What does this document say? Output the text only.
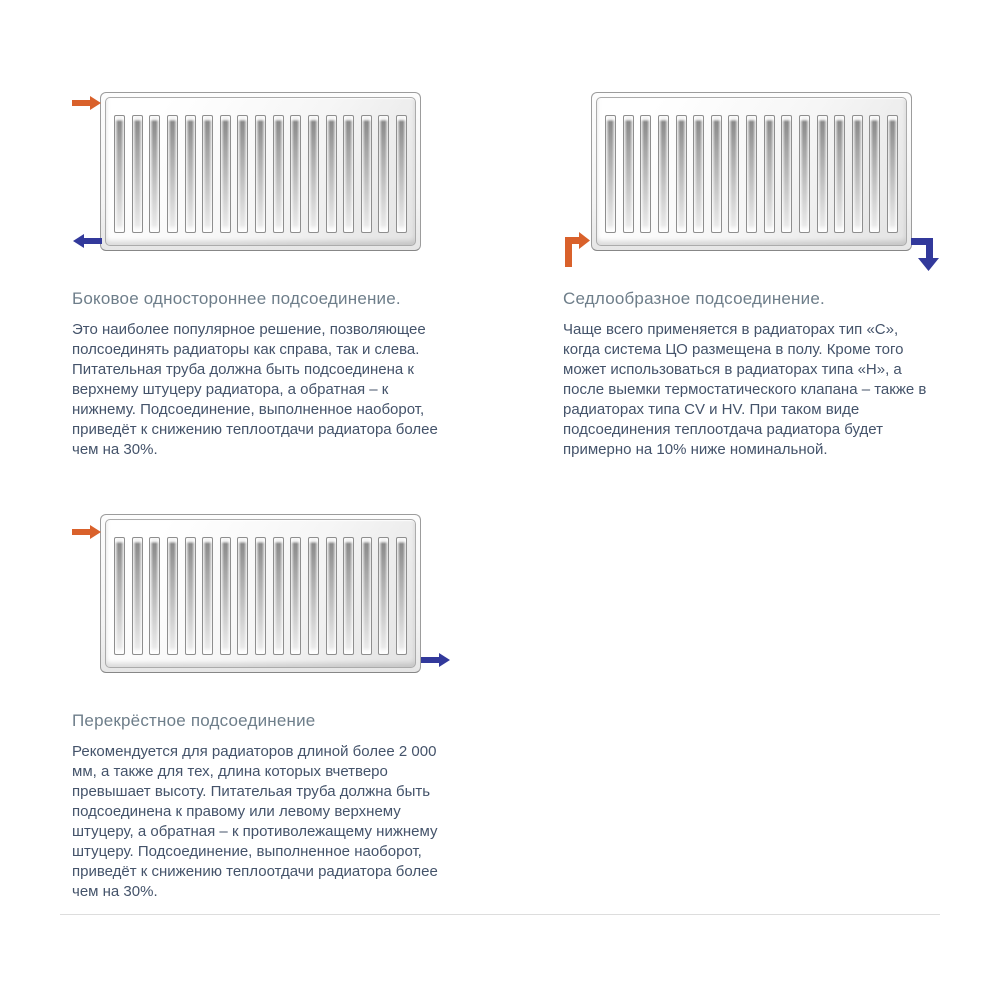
Боковое одностороннее подсоединение.

Это наиболее популярное решение, позволяющее полсоединять радиаторы как справа, так и слева. Питательная труба должна быть подсоединена к верхнему штуцеру радиатора, а обратная – к нижнему. Подсоединение, выполненное наоборот, приведёт к снижению теплоотдачи радиатора более чем на 30%.

Седлообразное подсоединение.

Чаще всего применяется в радиаторах тип «С», когда система ЦО размещена в полу. Кроме того может использоваться в радиаторах типа «Н», а после выемки термостатического клапана – также в радиаторах типа CV и HV. При таком виде подсоединения теплоотдача радиатора будет примерно на 10% ниже номинальной.

Перекрёстное подсоединение

Рекомендуется для радиаторов длиной более 2 000 мм, а также для тех, длина которых вчетверо превышает высоту. Питательая труба должна быть подсоединена к правому или левому верхнему штуцеру, а обратная – к противолежащему нижнему штуцеру. Подсоединение, выполненное наоборот, приведёт к снижению теплоотдачи радиатора более чем на 30%.
